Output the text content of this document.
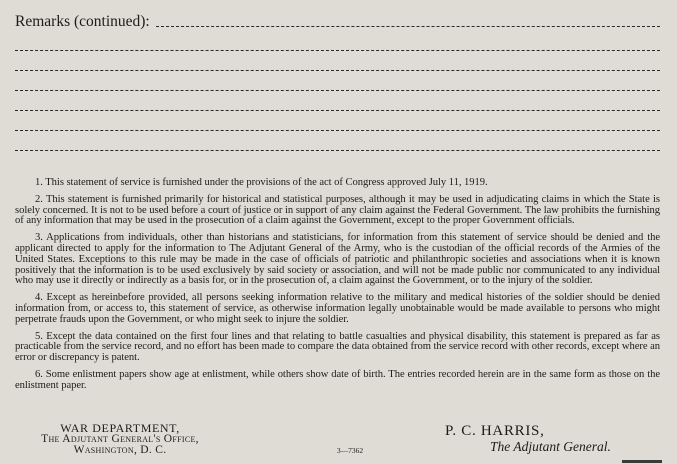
Remarks (continued):

1. This statement of service is furnished under the provisions of the act of Congress approved July 11, 1919.

2. This statement is furnished primarily for historical and statistical purposes, although it may be used in adjudicating claims in which the State is solely concerned. It is not to be used before a court of justice or in support of any claim against the Federal Government. The law prohibits the furnishing of any information that may be used in the prosecution of a claim against the Government, except to the proper Government officials.

3. Applications from individuals, other than historians and statisticians, for information from this statement of service should be denied and the applicant directed to apply for the information to The Adjutant General of the Army, who is the custodian of the official records of the Armies of the United States. Exceptions to this rule may be made in the case of officials of patriotic and philanthropic societies and associations when it is known positively that the information is to be used exclusively by said society or association, and will not be made public nor communicated to any individual who may use it directly or indirectly as a basis for, or in the prosecution of, a claim against the Government, or to the injury of the soldier.

4. Except as hereinbefore provided, all persons seeking information relative to the military and medical histories of the soldier should be denied information from, or access to, this statement of service, as otherwise information legally unobtainable would be made available to persons who might perpetrate frauds upon the Government, or who might seek to injure the soldier.

5. Except the data contained on the first four lines and that relating to battle casualties and physical disability, this statement is prepared as far as practicable from the service record, and no effort has been made to compare the data obtained from the service record with other records, except where an error or discrepancy is patent.

6. Some enlistment papers show age at enlistment, while others show date of birth. The entries recorded herein are in the same form as those on the enlistment paper.

WAR DEPARTMENT,
The Adjutant General's Office,
Washington, D. C.	3—7362
P. C. HARRIS,
The Adjutant General.
